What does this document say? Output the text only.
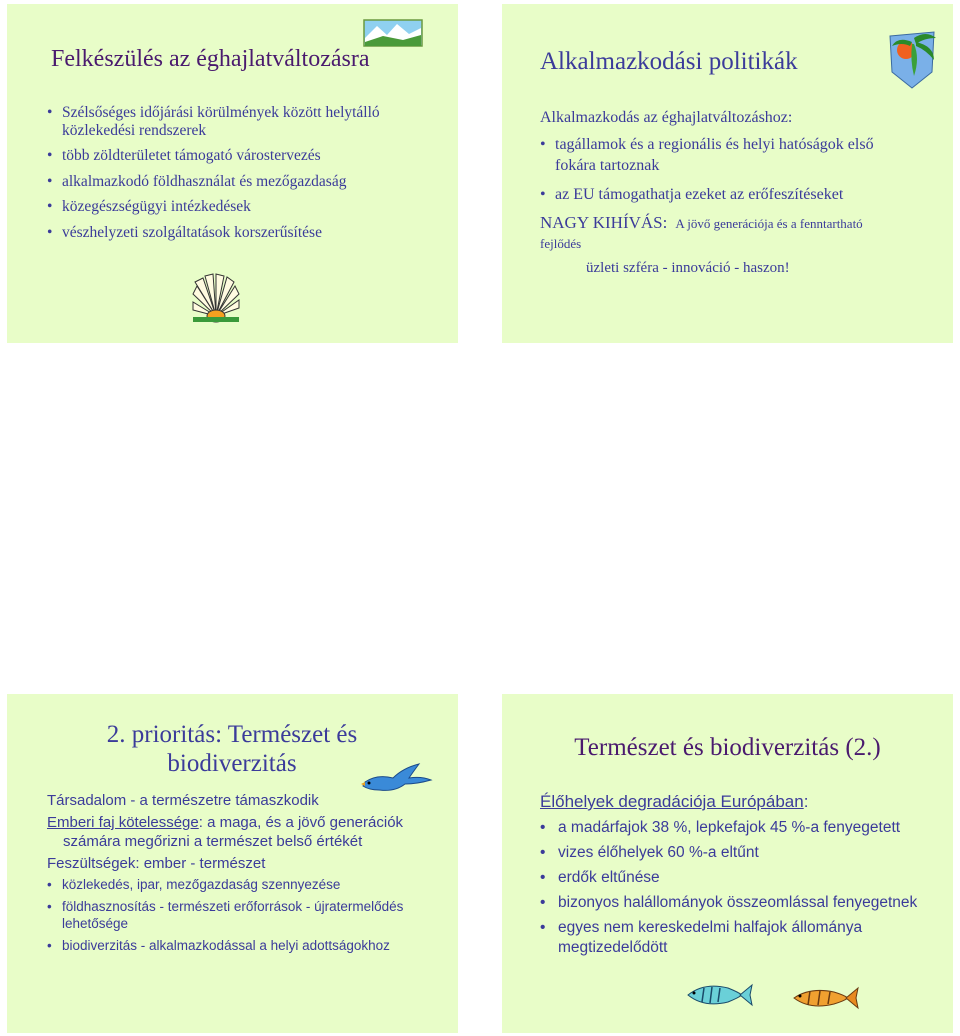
Felkészülés az éghajlatváltozásra
• Szélsőséges időjárási körülmények között helytálló közlekedési rendszerek
• több zöldterületet támogató várostervezés
• alkalmazkodó földhasználat és mezőgazdaság
• közegészségügyi intézkedések
• vészhelyzeti szolgáltatások korszerűsítése
Alkalmazkodási politikák
Alkalmazkodás az éghajlatváltozáshoz:
• tagállamok és a regionális és helyi hatóságok első fokára tartoznak
• az EU támogathatja ezeket az erőfeszítéseket
NAGY KIHÍVÁS: A jövő generációja és a fenntartható fejlődés
üzleti szféra - innováció - haszon!
2. prioritás: Természet és biodiverzitás

Társadalom - a természetre támaszkodik

Emberi faj kötelessége: a maga, és a jövő generációk számára megőrizni a természet belső értékét

Feszültségek: ember - természet

• közlekedés, ipar, mezőgazdaság szennyezése
• földhasznosítás - természeti erőforrások - újratermelődés lehetősége
• biodiverzitás - alkalmazkodással a helyi adottságokhoz
Természet és biodiverzitás (2.)

Élőhelyek degradációja Európában:

• a madárfajok 38 %, lepkefajok 45 %-a fenyegetett
• vizes élőhelyek 60 %-a eltűnt
• erdők eltűnése
• bizonyos halállományok összeomlással fenyegetnek
• egyes nem kereskedelmi halfajok állománya megtizedelődött
